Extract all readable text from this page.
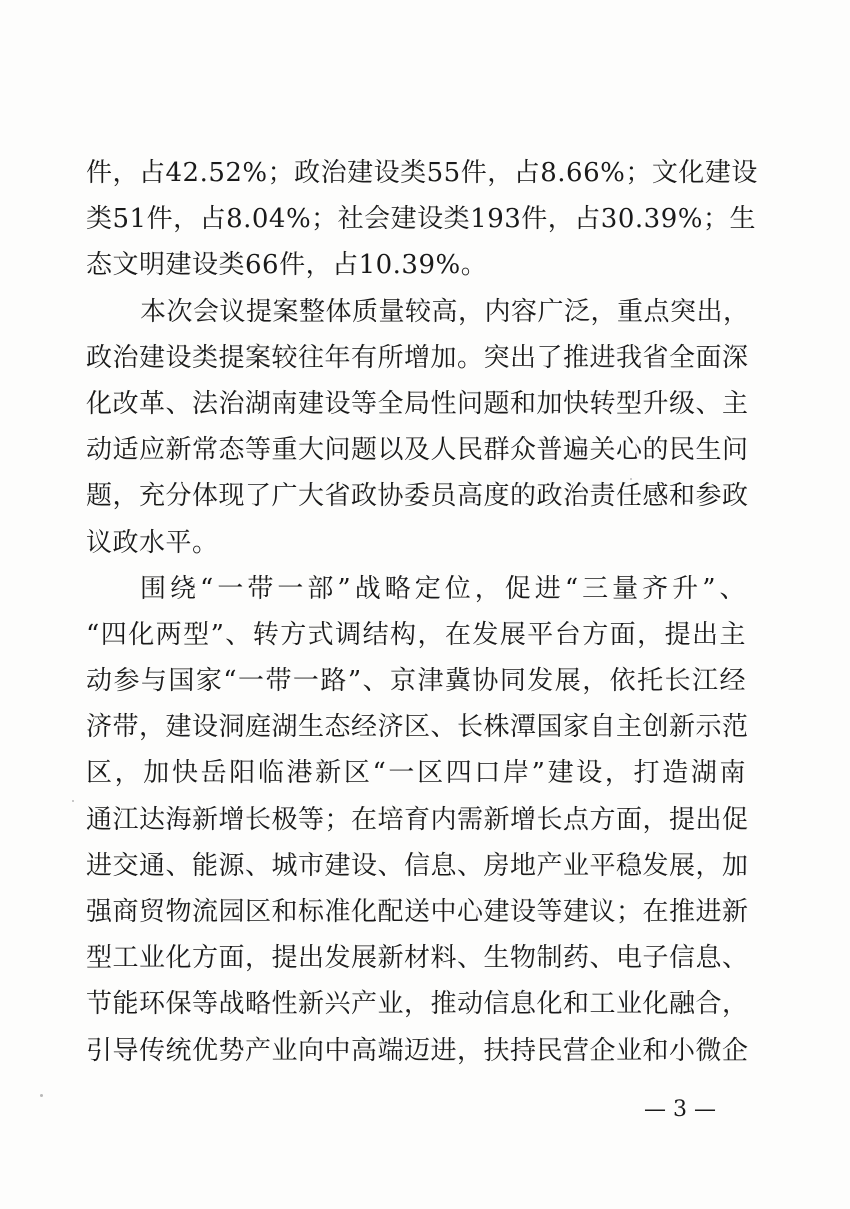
件，占42.52%；政治建设类55件，占8.66%；文化建设
类51件，占8.04%；社会建设类193件，占30.39%；生
态文明建设类66件，占10.39%。
本次会议提案整体质量较高，内容广泛，重点突出，
政治建设类提案较往年有所增加。突出了推进我省全面深
化改革、法治湖南建设等全局性问题和加快转型升级、主
动适应新常态等重大问题以及人民群众普遍关心的民生问
题，充分体现了广大省政协委员高度的政治责任感和参政
议政水平。
围绕“一带一部”战略定位，促进“三量齐升”、
“四化两型”、转方式调结构，在发展平台方面，提出主
动参与国家“一带一路”、京津冀协同发展，依托长江经
济带，建设洞庭湖生态经济区、长株潭国家自主创新示范
区，加快岳阳临港新区“一区四口岸”建设，打造湖南
通江达海新增长极等；在培育内需新增长点方面，提出促
进交通、能源、城市建设、信息、房地产业平稳发展，加
强商贸物流园区和标准化配送中心建设等建议；在推进新
型工业化方面，提出发展新材料、生物制药、电子信息、
节能环保等战略性新兴产业，推动信息化和工业化融合，
引导传统优势产业向中高端迈进，扶持民营企业和小微企
— 3 —
